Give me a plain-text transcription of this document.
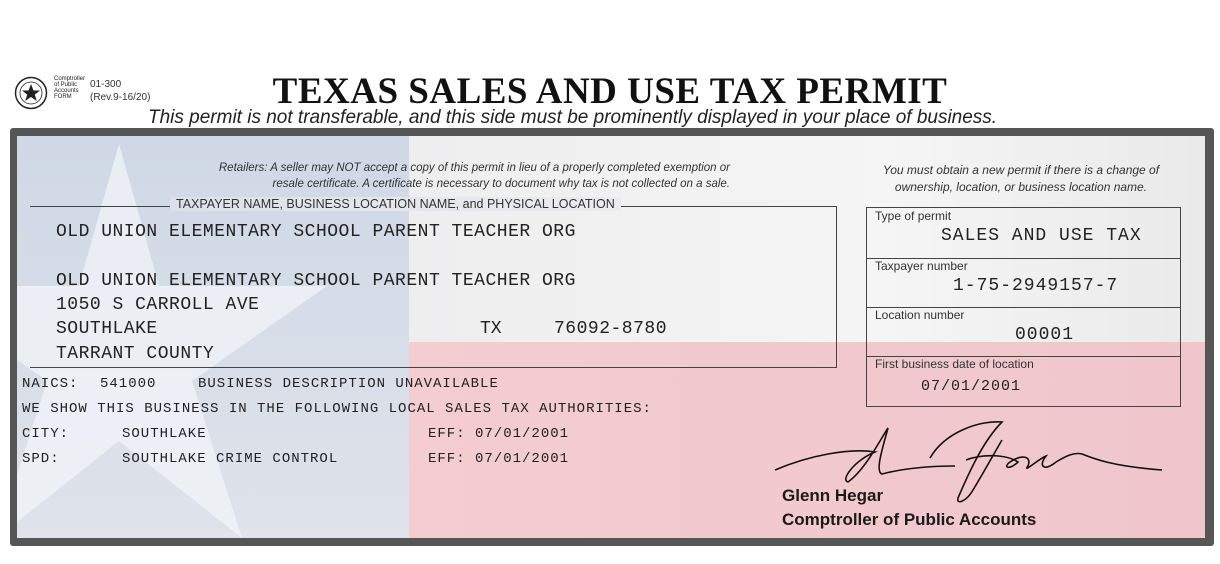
Comptroller of Public Accounts FORM
01-300
(Rev.9-16/20)	TEXAS SALES AND USE TAX PERMIT
This permit is not transferable, and this side must be prominently displayed in your place of business.
Retailers: A seller may NOT accept a copy of this permit in lieu of a properly completed exemption or
resale certificate. A certificate is necessary to document why tax is not collected on a sale.
You must obtain a new permit if there is a change of
ownership, location, or business location name.
TAXPAYER NAME, BUSINESS LOCATION NAME, and PHYSICAL LOCATION
OLD UNION ELEMENTARY SCHOOL PARENT TEACHER ORG
OLD UNION ELEMENTARY SCHOOL PARENT TEACHER ORG
1050 S CARROLL AVE
SOUTHLAKE	TX	76092-8780
TARRANT COUNTY
NAICS: 541000	BUSINESS DESCRIPTION UNAVAILABLE
WE SHOW THIS BUSINESS IN THE FOLLOWING LOCAL SALES TAX AUTHORITIES:
CITY:	SOUTHLAKE	EFF: 07/01/2001
SPD:	SOUTHLAKE CRIME CONTROL	EFF: 07/01/2001
Type of permit
SALES AND USE TAX
Taxpayer number
1-75-2949157-7
Location number
00001
First business date of location
07/01/2001
Glenn Hegar
Comptroller of Public Accounts
